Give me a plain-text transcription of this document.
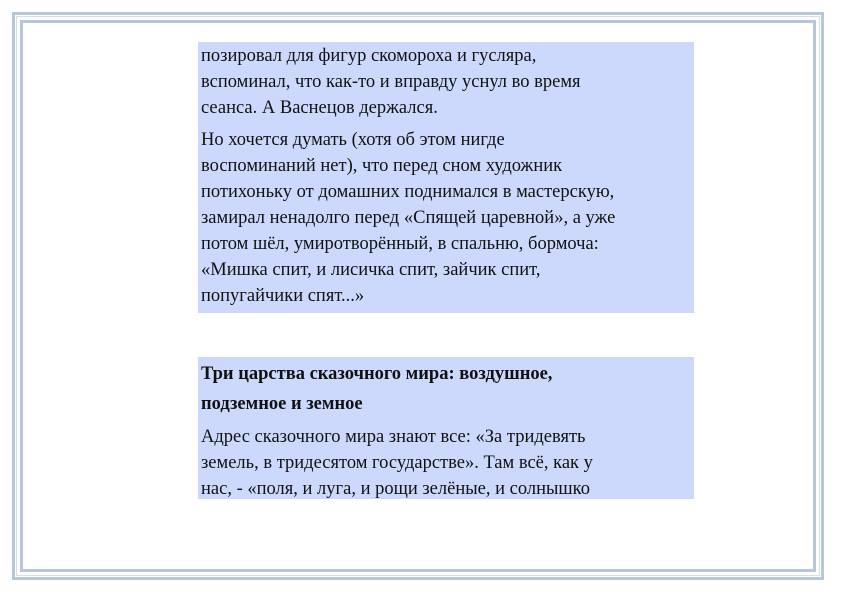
позировал для фигур скомороха и гусляра,
вспоминал, что как-то и вправду уснул во время
сеанса. А Васнецов держался.

Но хочется думать (хотя об этом нигде
воспоминаний нет), что перед сном художник
потихоньку от домашних поднимался в мастерскую,
замирал ненадолго перед «Спящей царевной», а уже
потом шёл, умиротворённый, в спальню, бормоча:
«Мишка спит, и лисичка спит, зайчик спит,
попугайчики спят...»

Три царства сказочного мира: воздушное,
подземное и земное

Адрес сказочного мира знают все: «За тридевять
земель, в тридесятом государстве». Там всё, как у
нас, - «поля, и луга, и рощи зелёные, и солнышко
